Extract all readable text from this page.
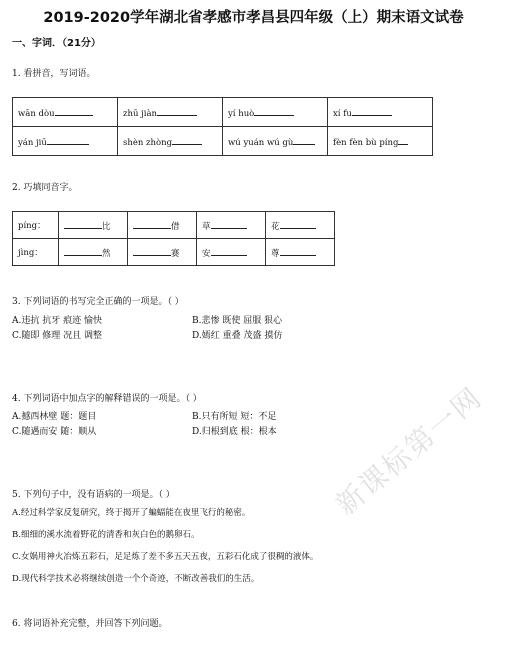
2019-2020学年湖北省孝感市孝昌县四年级（上）期末语文试卷
一、字词．（21分）
1. 看拼音，写词语。
wān dòu	zhū jiàn	yí huò	xí fu
yán jiū	shèn zhòng	wú yuán wú gù	fèn fèn bù píng
2. 巧填同音字。
píng：	比	借	草	花
jìng：	然	赛	安	尊
3. 下列词语的书写完全正确的一项是。（ ）
A.违抗 抗牙 痕迹 愉快	B.悲惨 既使 屈服 狠心
C.随即 修理 况且 调整	D.嫣红 重叠 茂盛 摸仿
4. 下列词语中加点字的解释错误的一项是。（ ）
A.撼西林壁 题：题目	B.只有所短 短：不足
C.随遇而安 随：顺从	D.归根到底 根：根本
5. 下列句子中，没有语病的一项是。（ ）
A.经过科学家反复研究，终于揭开了蝙蝠能在夜里飞行的秘密。
B.细细的溪水流着野花的清香和灰白色的鹅卵石。
C.女娲用神火冶炼五彩石，足足炼了差不多五天五夜，五彩石化成了很稠的液体。
D.现代科学技术必将继续创造一个个奇迹，不断改善我们的生活。
6. 将词语补充完整，并回答下列问题。
新课标第一网
